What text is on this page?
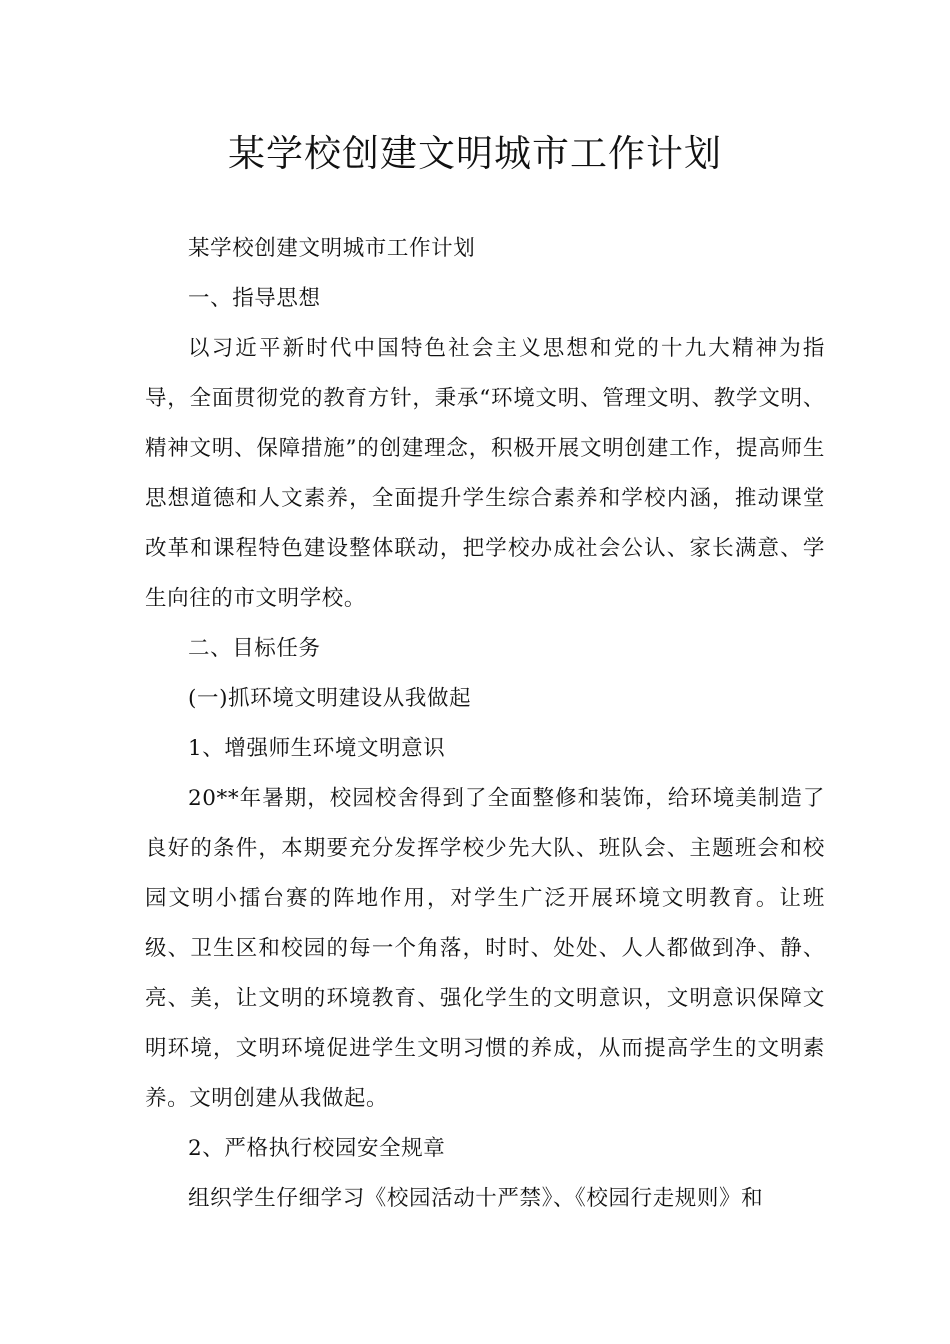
某学校创建文明城市工作计划

某学校创建文明城市工作计划

一、指导思想

以习近平新时代中国特色社会主义思想和党的十九大精神为指导，全面贯彻党的教育方针，秉承“环境文明、管理文明、教学文明、精神文明、保障措施”的创建理念，积极开展文明创建工作，提高师生思想道德和人文素养，全面提升学生综合素养和学校内涵，推动课堂改革和课程特色建设整体联动，把学校办成社会公认、家长满意、学生向往的市文明学校。

二、目标任务

(一)抓环境文明建设从我做起

1、增强师生环境文明意识

20**年暑期，校园校舍得到了全面整修和装饰，给环境美制造了良好的条件，本期要充分发挥学校少先大队、班队会、主题班会和校园文明小擂台赛的阵地作用，对学生广泛开展环境文明教育。让班级、卫生区和校园的每一个角落，时时、处处、人人都做到净、静、亮、美，让文明的环境教育、强化学生的文明意识，文明意识保障文明环境，文明环境促进学生文明习惯的养成，从而提高学生的文明素养。文明创建从我做起。

2、严格执行校园安全规章

组织学生仔细学习《校园活动十严禁》、《校园行走规则》和
